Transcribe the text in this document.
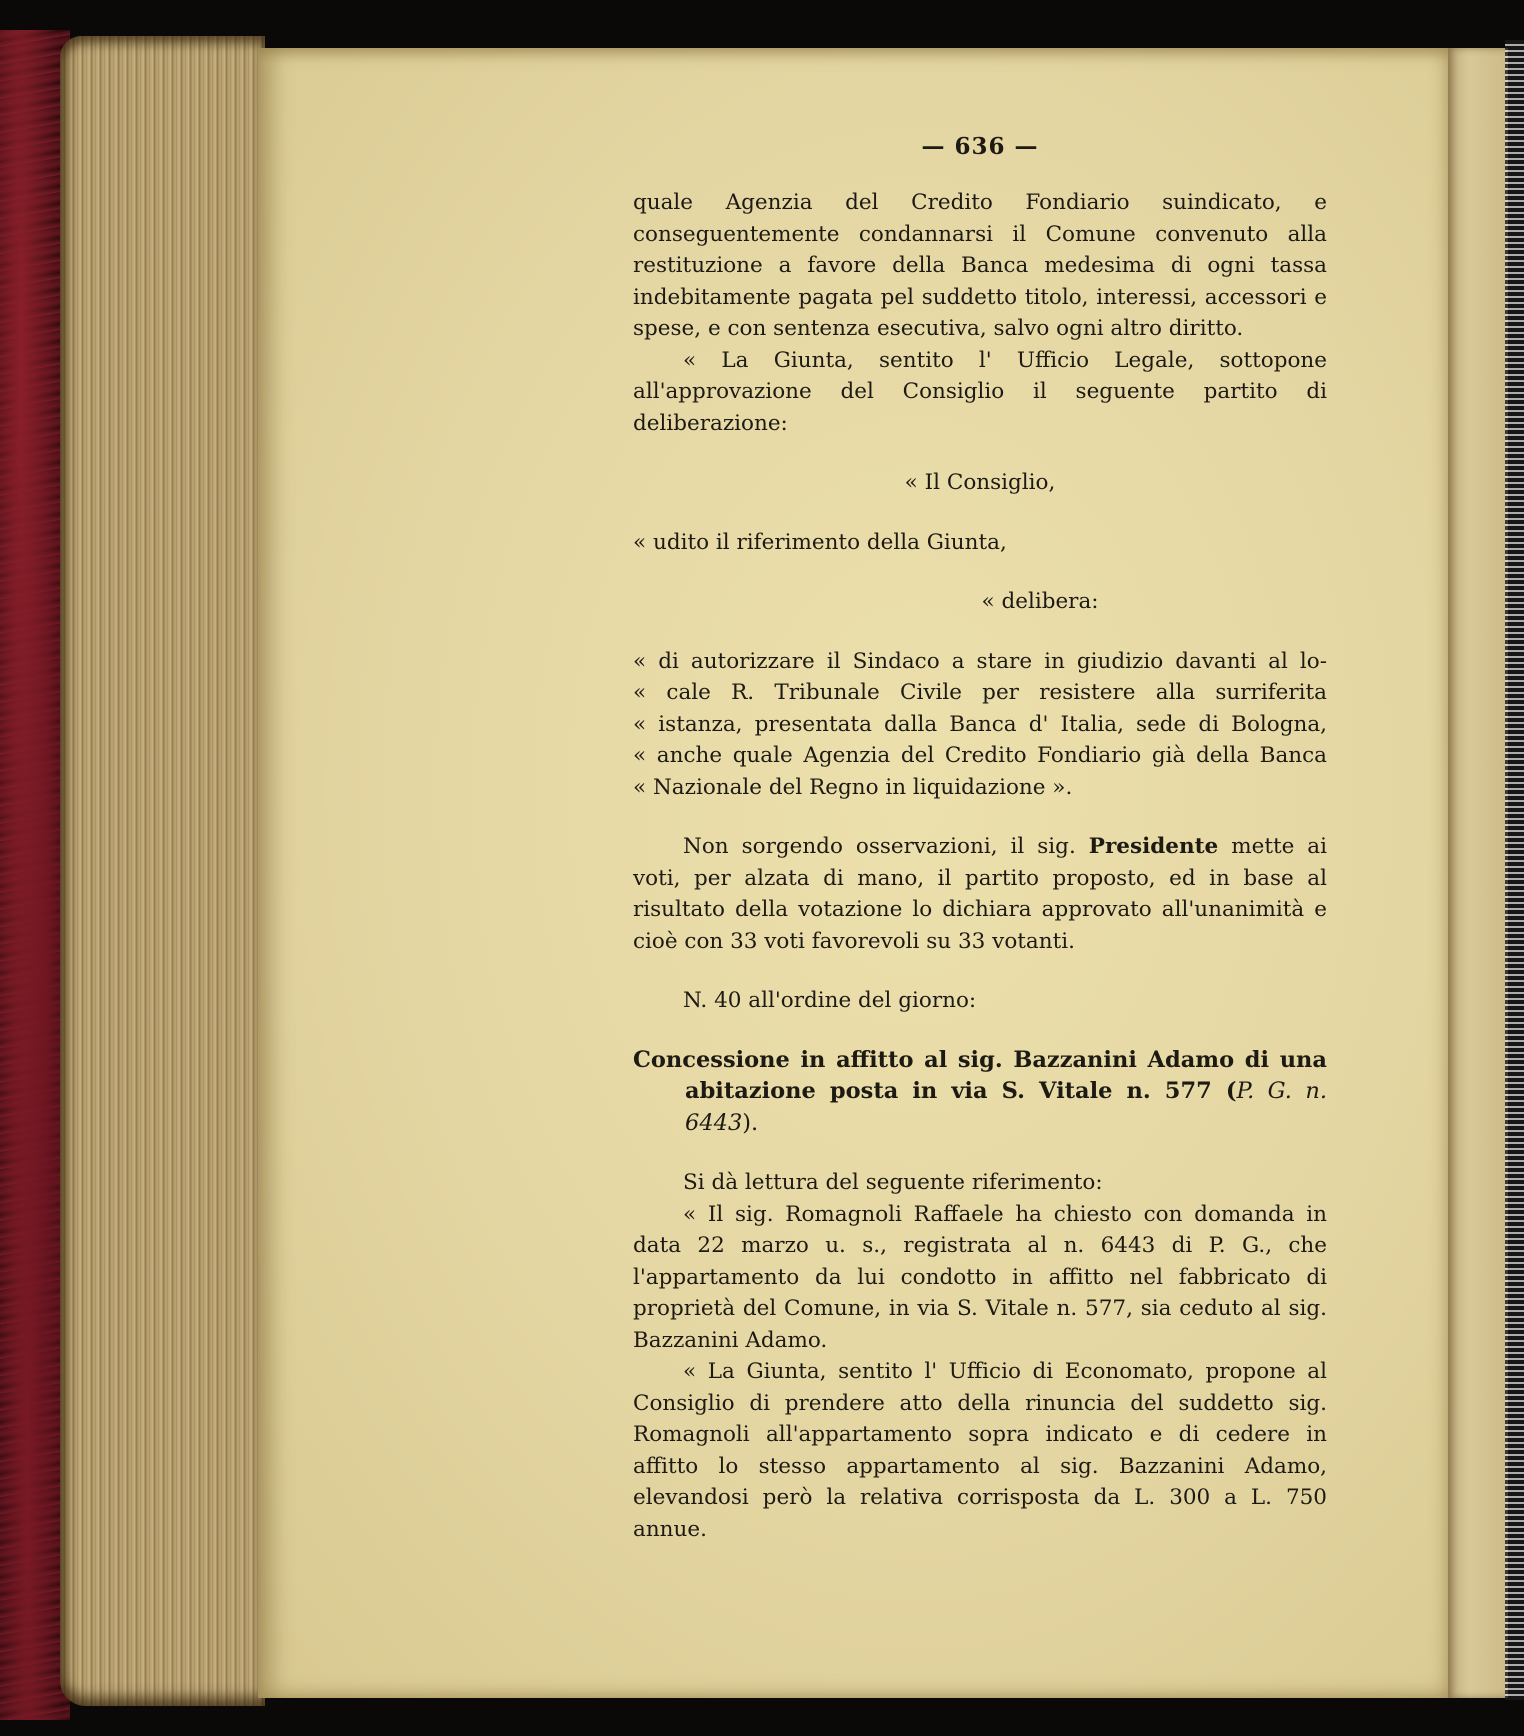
— 636 —

quale Agenzia del Credito Fondiario suindicato, e conseguentemente condannarsi il Comune convenuto alla restituzione a favore della Banca medesima di ogni tassa indebitamente pagata pel suddetto titolo, interessi, accessori e spese, e con sentenza esecutiva, salvo ogni altro diritto.

« La Giunta, sentito l' Ufficio Legale, sottopone all'approvazione del Consiglio il seguente partito di deliberazione:

« Il Consiglio,

« udito il riferimento della Giunta,

« delibera:

« di autorizzare il Sindaco a stare in giudizio davanti al lo-

« cale R. Tribunale Civile per resistere alla surriferita

« istanza, presentata dalla Banca d' Italia, sede di Bologna,

« anche quale Agenzia del Credito Fondiario già della Banca

« Nazionale del Regno in liquidazione ».

Non sorgendo osservazioni, il sig. Presidente mette ai voti, per alzata di mano, il partito proposto, ed in base al risultato della votazione lo dichiara approvato all'unanimità e cioè con 33 voti favorevoli su 33 votanti.

N. 40 all'ordine del giorno:

Concessione in affitto al sig. Bazzanini Adamo di una abitazione posta in via S. Vitale n. 577 (P. G. n. 6443).

Si dà lettura del seguente riferimento:

« Il sig. Romagnoli Raffaele ha chiesto con domanda in data 22 marzo u. s., registrata al n. 6443 di P. G., che l'appartamento da lui condotto in affitto nel fabbricato di proprietà del Comune, in via S. Vitale n. 577, sia ceduto al sig. Bazzanini Adamo.

« La Giunta, sentito l' Ufficio di Economato, propone al Consiglio di prendere atto della rinuncia del suddetto sig. Romagnoli all'appartamento sopra indicato e di cedere in affitto lo stesso appartamento al sig. Bazzanini Adamo, elevandosi però la relativa corrisposta da L. 300 a L. 750 annue.
